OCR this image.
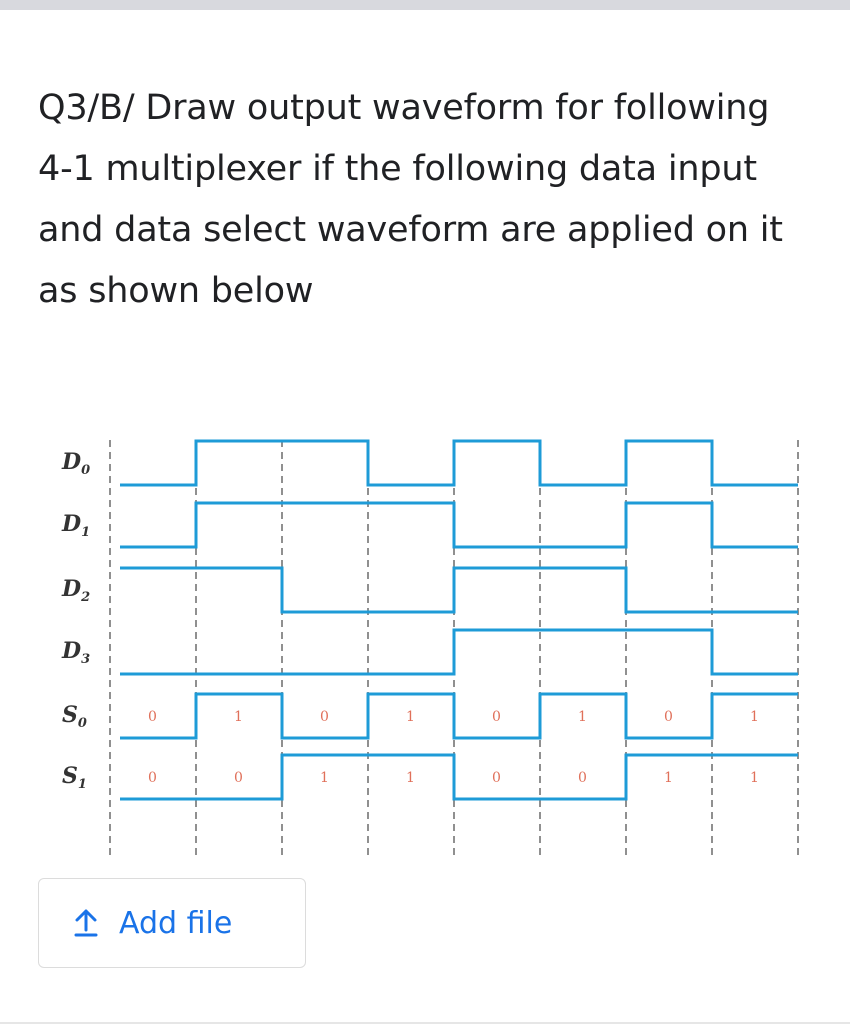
Q3/B/ Draw output waveform for following
4-1 multiplexer if the following data input
and data select waveform are applied on it
as shown below
$D_0$
$D_1$
$D_2$
$D_3$
$S_0$
$S_1$
0	1	0	1	0	1	0	1
0	0	1	1	0	0	1	1
Add file
